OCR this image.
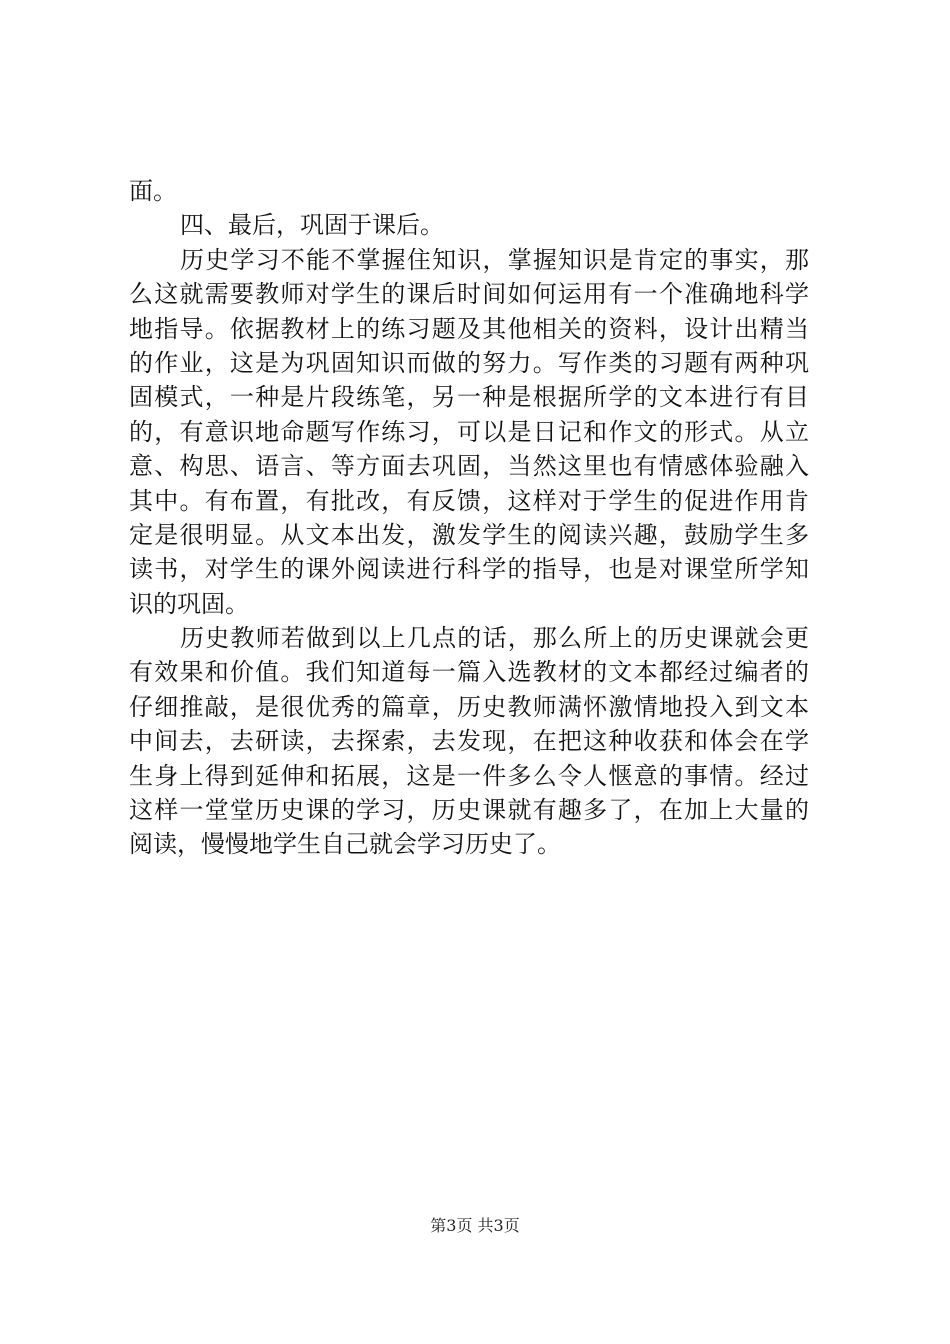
面。
四、最后，巩固于课后。
历史学习不能不掌握住知识，掌握知识是肯定的事实，那
么这就需要教师对学生的课后时间如何运用有一个准确地科学
地指导。依据教材上的练习题及其他相关的资料，设计出精当
的作业，这是为巩固知识而做的努力。写作类的习题有两种巩
固模式，一种是片段练笔，另一种是根据所学的文本进行有目
的，有意识地命题写作练习，可以是日记和作文的形式。从立
意、构思、语言、等方面去巩固，当然这里也有情感体验融入
其中。有布置，有批改，有反馈，这样对于学生的促进作用肯
定是很明显。从文本出发，激发学生的阅读兴趣，鼓励学生多
读书，对学生的课外阅读进行科学的指导，也是对课堂所学知
识的巩固。
历史教师若做到以上几点的话，那么所上的历史课就会更
有效果和价值。我们知道每一篇入选教材的文本都经过编者的
仔细推敲，是很优秀的篇章，历史教师满怀激情地投入到文本
中间去，去研读，去探索，去发现，在把这种收获和体会在学
生身上得到延伸和拓展，这是一件多么令人惬意的事情。经过
这样一堂堂历史课的学习，历史课就有趣多了，在加上大量的
阅读，慢慢地学生自己就会学习历史了。
第3页 共3页
